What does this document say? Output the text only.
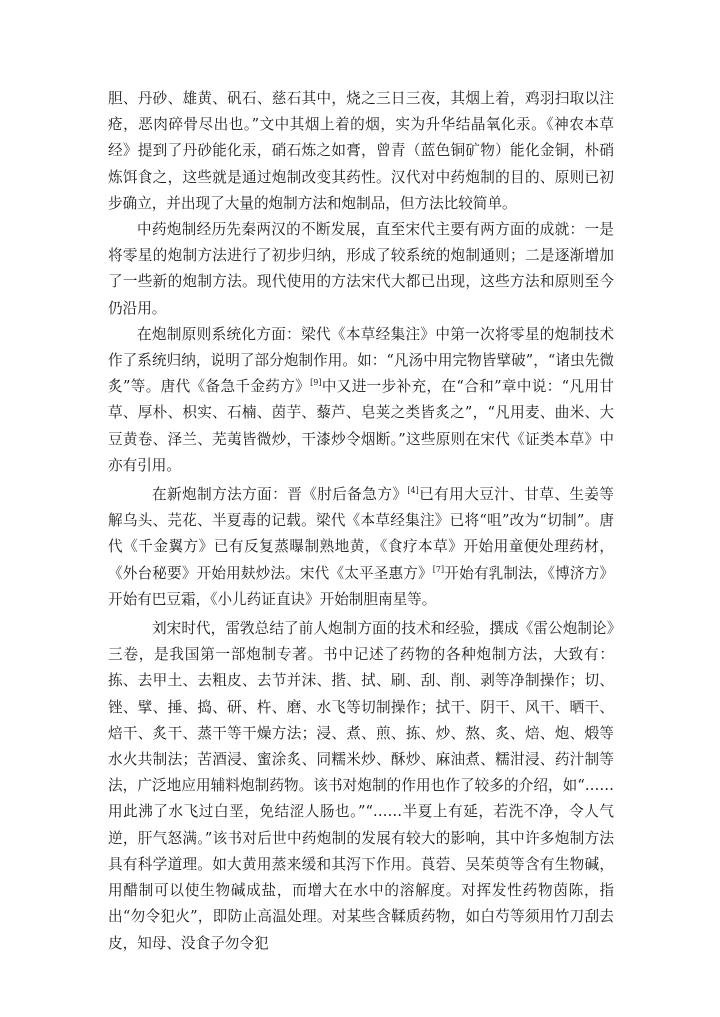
胆、丹砂、雄黄、矾石、慈石其中，烧之三日三夜，其烟上着，鸡羽扫取以注疮，恶肉碎骨尽出也。”文中其烟上着的烟，实为升华结晶氧化汞。《神农本草经》提到了丹砂能化汞，硝石炼之如膏，曾青（蓝色铜矿物）能化金铜，朴硝炼饵食之，这些就是通过炮制改变其药性。汉代对中药炮制的目的、原则已初步确立，并出现了大量的炮制方法和炮制品，但方法比较简单。

中药炮制经历先秦两汉的不断发展，直至宋代主要有两方面的成就：一是将零星的炮制方法进行了初步归纳，形成了较系统的炮制通则；二是逐渐增加了一些新的炮制方法。现代使用的方法宋代大都已出现，这些方法和原则至今仍沿用。

在炮制原则系统化方面：梁代《本草经集注》中第一次将零星的炮制技术作了系统归纳，说明了部分炮制作用。如：“凡汤中用完物皆擘破”，“诸虫先微炙”等。唐代《备急千金药方》[9]中又进一步补充，在“合和”章中说：“凡用甘草、厚朴、枳实、石楠、茵芋、藜芦、皂荚之类皆炙之”，“凡用麦、曲米、大豆黄卷、泽兰、芜荑皆微炒，干漆炒令烟断。”这些原则在宋代《证类本草》中亦有引用。

在新炮制方法方面：晋《肘后备急方》[4]已有用大豆汁、甘草、生姜等解乌头、芫花、半夏毒的记载。梁代《本草经集注》已将“咀”改为“切制”。唐代《千金翼方》已有反复蒸曝制熟地黄，《食疗本草》开始用童便处理药材，《外台秘要》开始用麸炒法。宋代《太平圣惠方》[7]开始有乳制法，《博济方》开始有巴豆霜，《小儿药证直诀》开始制胆南星等。

刘宋时代，雷敩总结了前人炮制方面的技术和经验，撰成《雷公炮制论》三卷，是我国第一部炮制专著。书中记述了药物的各种炮制方法，大致有：拣、去甲土、去粗皮、去节并沫、揩、拭、刷、刮、削、剥等净制操作；切、锉、擘、捶、捣、研、杵、磨、水飞等切制操作；拭干、阴干、风干、晒干、焙干、炙干、蒸干等干燥方法；浸、煮、煎、拣、炒、熬、炙、焙、炮、煅等水火共制法；苦酒浸、蜜涂炙、同糯米炒、酥炒、麻油煮、糯泔浸、药汁制等法，广泛地应用辅料炮制药物。该书对炮制的作用也作了较多的介绍，如“……用此沸了水飞过白垩，免结涩人肠也。”“……半夏上有延，若洗不净，令人气逆，肝气怒满。”该书对后世中药炮制的发展有较大的影响，其中许多炮制方法具有科学道理。如大黄用蒸来缓和其泻下作用。莨菪、吴茱萸等含有生物碱，用醋制可以使生物碱成盐，而增大在水中的溶解度。对挥发性药物茵陈，指出“勿令犯火”，即防止高温处理。对某些含鞣质药物，如白芍等须用竹刀刮去皮，知母、没食子勿令犯
